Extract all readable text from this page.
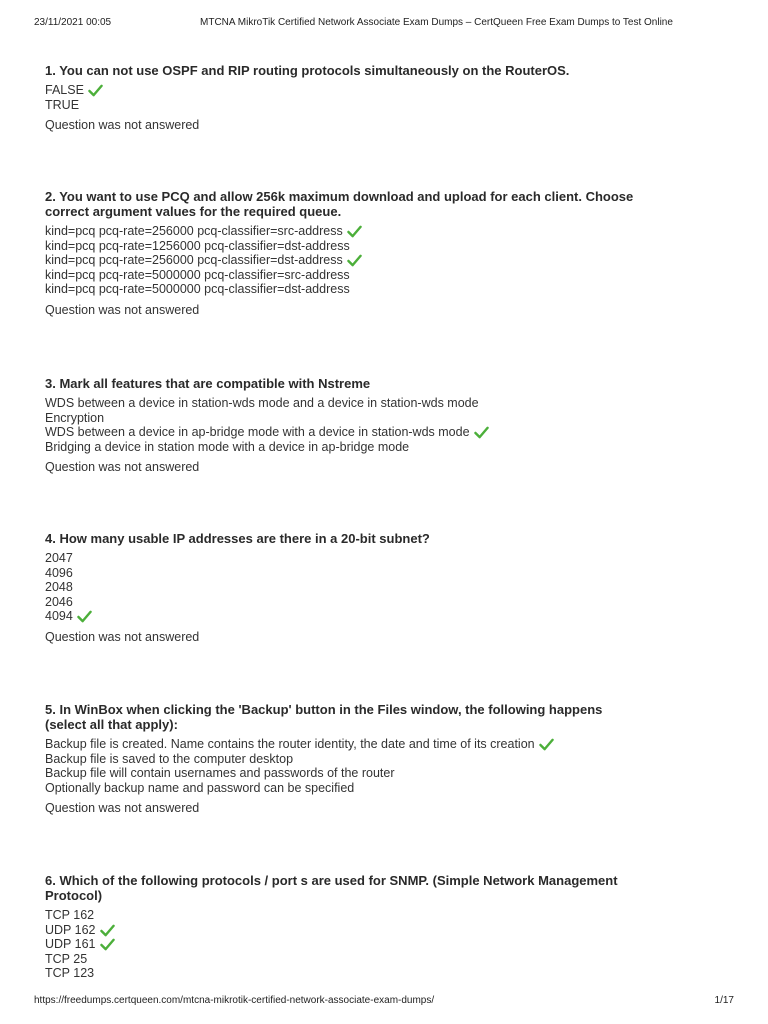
23/11/2021 00:05	MTCNA MikroTik Certified Network Associate Exam Dumps – CertQueen Free Exam Dumps to Test Online
1. You can not use OSPF and RIP routing protocols simultaneously on the RouterOS.
FALSE
TRUE
Question was not answered
2. You want to use PCQ and allow 256k maximum download and upload for each client. Choose correct argument values for the required queue.
kind=pcq pcq-rate=256000 pcq-classifier=src-address
kind=pcq pcq-rate=1256000 pcq-classifier=dst-address
kind=pcq pcq-rate=256000 pcq-classifier=dst-address
kind=pcq pcq-rate=5000000 pcq-classifier=src-address
kind=pcq pcq-rate=5000000 pcq-classifier=dst-address
Question was not answered
3. Mark all features that are compatible with Nstreme
WDS between a device in station-wds mode and a device in station-wds mode
Encryption
WDS between a device in ap-bridge mode with a device in station-wds mode
Bridging a device in station mode with a device in ap-bridge mode
Question was not answered
4. How many usable IP addresses are there in a 20-bit subnet?
2047
4096
2048
2046
4094
Question was not answered
5. In WinBox when clicking the 'Backup' button in the Files window, the following happens (select all that apply):
Backup file is created. Name contains the router identity, the date and time of its creation
Backup file is saved to the computer desktop
Backup file will contain usernames and passwords of the router
Optionally backup name and password can be specified
Question was not answered
6. Which of the following protocols / port s are used for SNMP. (Simple Network Management Protocol)
TCP 162
UDP 162
UDP 161
TCP 25
TCP 123
https://freedumps.certqueen.com/mtcna-mikrotik-certified-network-associate-exam-dumps/	1/17
